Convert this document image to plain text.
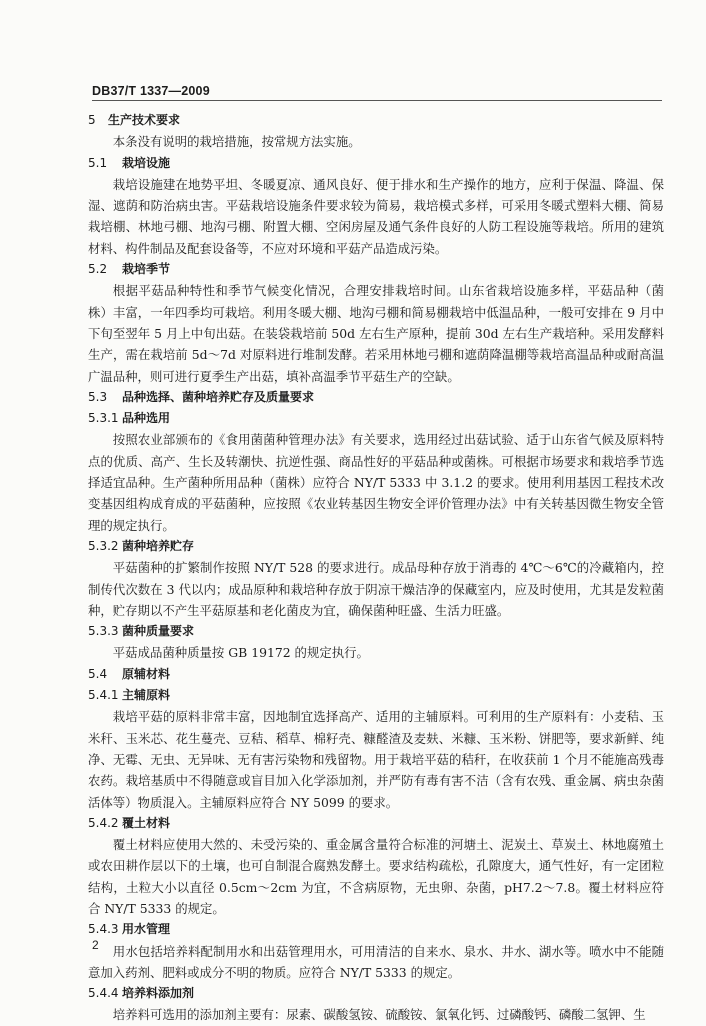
DB37/T 1337—2009
5 生产技术要求
本条没有说明的栽培措施，按常规方法实施。
5.1 栽培设施
栽培设施建在地势平坦、冬暖夏凉、通风良好、便于排水和生产操作的地方，应利于保温、降温、保湿、遮荫和防治病虫害。平菇栽培设施条件要求较为简易，栽培模式多样，可采用冬暖式塑料大棚、简易栽培棚、林地弓棚、地沟弓棚、附置大棚、空闲房屋及通气条件良好的人防工程设施等栽培。所用的建筑材料、构件制品及配套设备等，不应对环境和平菇产品造成污染。
5.2 栽培季节
根据平菇品种特性和季节气候变化情况，合理安排栽培时间。山东省栽培设施多样，平菇品种（菌株）丰富，一年四季均可栽培。利用冬暖大棚、地沟弓棚和简易棚栽培中低温品种，一般可安排在 9 月中下旬至翌年 5 月上中旬出菇。在装袋栽培前 50d 左右生产原种，提前 30d 左右生产栽培种。采用发酵料生产，需在栽培前 5d～7d 对原料进行堆制发酵。若采用林地弓棚和遮荫降温棚等栽培高温品种或耐高温广温品种，则可进行夏季生产出菇，填补高温季节平菇生产的空缺。
5.3 品种选择、菌种培养贮存及质量要求
5.3.1 品种选用
按照农业部颁布的《食用菌菌种管理办法》有关要求，选用经过出菇试验、适于山东省气候及原料特点的优质、高产、生长及转潮快、抗逆性强、商品性好的平菇品种或菌株。可根据市场要求和栽培季节选择适宜品种。生产菌种所用品种（菌株）应符合 NY/T 5333 中 3.1.2 的要求。使用利用基因工程技术改变基因组构成育成的平菇菌种，应按照《农业转基因生物安全评价管理办法》中有关转基因微生物安全管理的规定执行。
5.3.2 菌种培养贮存
平菇菌种的扩繁制作按照 NY/T 528 的要求进行。成品母种存放于消毒的 4℃～6℃的冷藏箱内，控制传代次数在 3 代以内；成品原种和栽培种存放于阴凉干燥洁净的保藏室内，应及时使用，尤其是发粒菌种，贮存期以不产生平菇原基和老化菌皮为宜，确保菌种旺盛、生活力旺盛。
5.3.3 菌种质量要求
平菇成品菌种质量按 GB 19172 的规定执行。
5.4 原辅材料
5.4.1 主辅原料
栽培平菇的原料非常丰富，因地制宜选择高产、适用的主辅原料。可利用的生产原料有：小麦秸、玉米秆、玉米芯、花生蔓壳、豆秸、稻草、棉籽壳、糠醛渣及麦麸、米糠、玉米粉、饼肥等，要求新鲜、纯净、无霉、无虫、无异味、无有害污染物和残留物。用于栽培平菇的秸秆，在收获前 1 个月不能施高残毒农药。栽培基质中不得随意或盲目加入化学添加剂，并严防有毒有害不洁（含有农残、重金属、病虫杂菌活体等）物质混入。主辅原料应符合 NY 5099 的要求。
5.4.2 覆土材料
覆土材料应使用大然的、未受污染的、重金属含量符合标准的河塘土、泥炭土、草炭土、林地腐殖土或农田耕作层以下的土壤，也可自制混合腐熟发酵土。要求结构疏松，孔隙度大，通气性好，有一定团粒结构，土粒大小以直径 0.5cm～2cm 为宜，不含病原物，无虫卵、杂菌，pH7.2～7.8。覆土材料应符合 NY/T 5333 的规定。
5.4.3 用水管理
用水包括培养料配制用水和出菇管理用水，可用清洁的自来水、泉水、井水、湖水等。喷水中不能随意加入药剂、肥料或成分不明的物质。应符合 NY/T 5333 的规定。
5.4.4 培养料添加剂
培养料可选用的添加剂主要有：尿素、碳酸氢铵、硫酸铵、氯氧化钙、过磷酸钙、磷酸二氢钾、生
2
